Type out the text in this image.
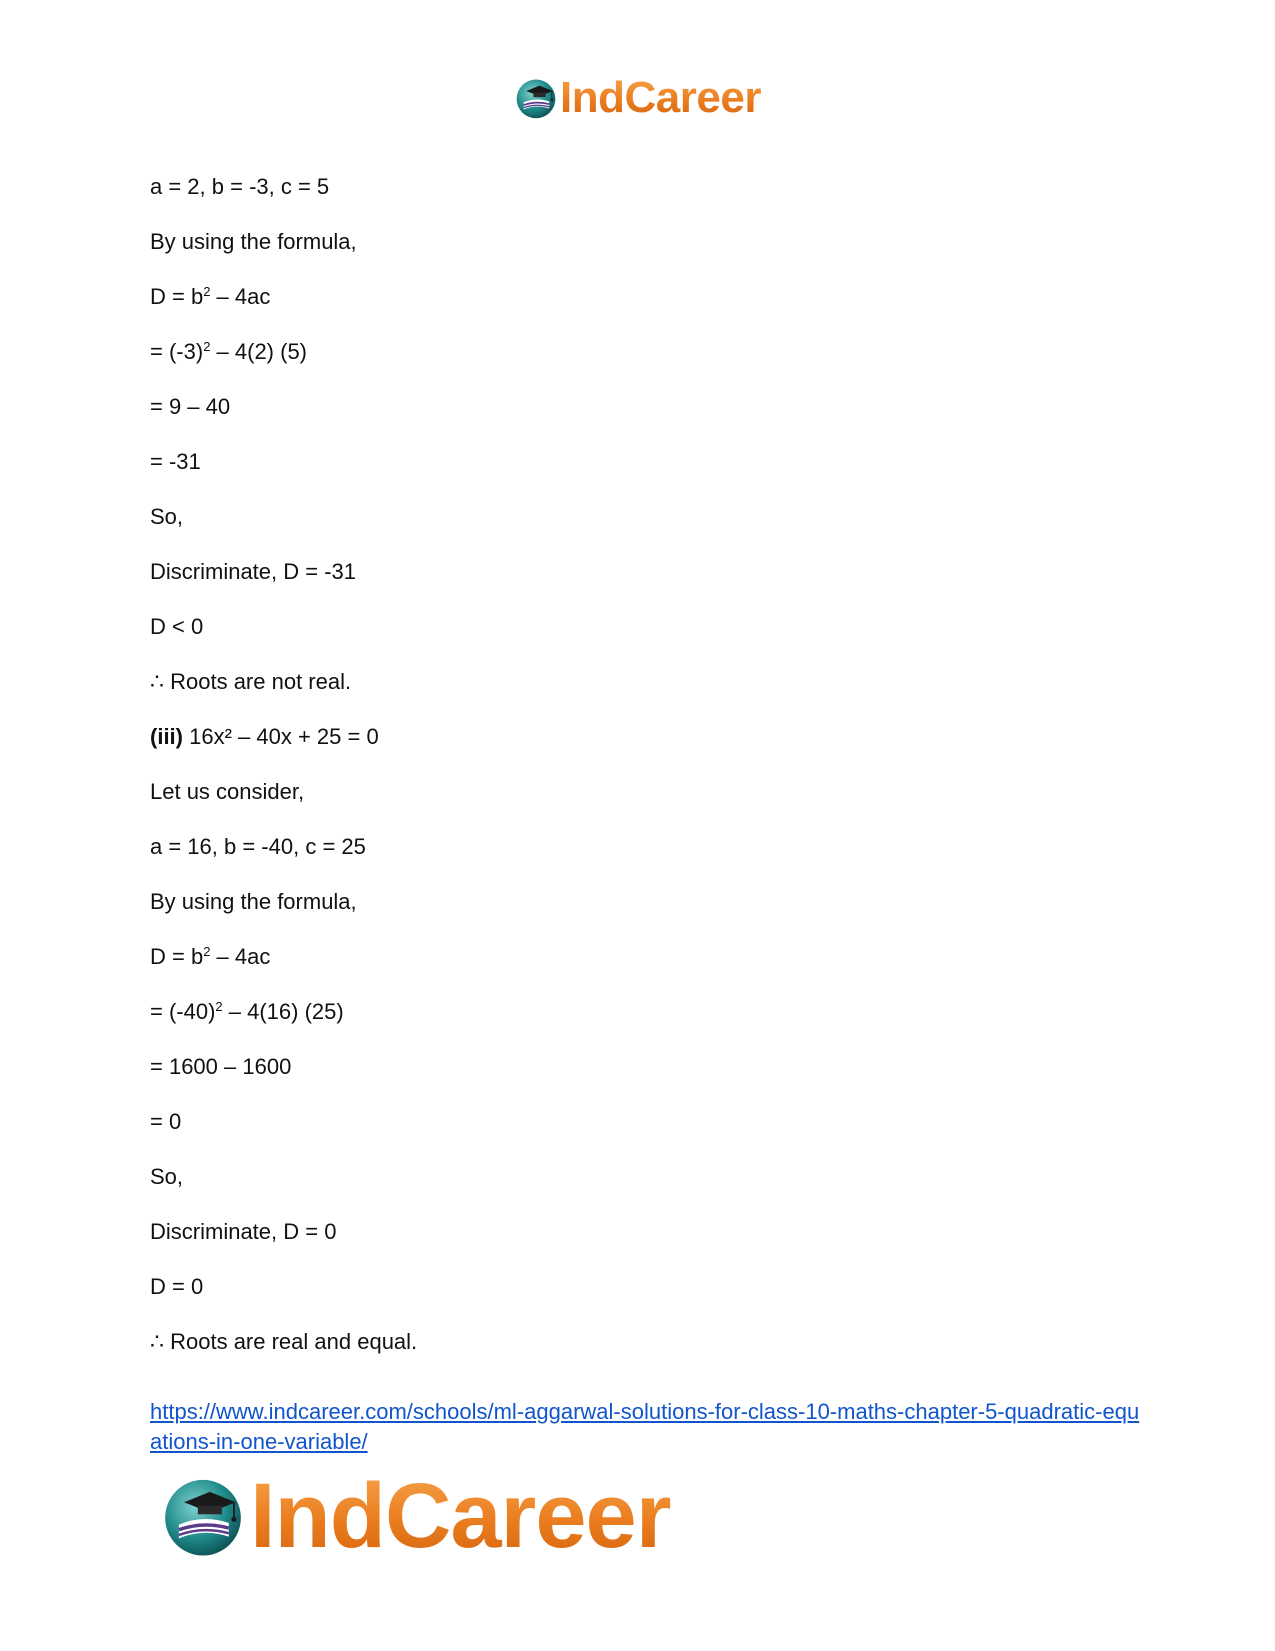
IndCareer
a = 2, b = -3, c = 5
By using the formula,
$D = b^2 - 4ac$
= $(-3)^2 - 4(2)$ (5)
= 9 – 40
= -31
So,
Discriminate, D = -31
D < 0
∴ Roots are not real.
(iii) 16x² – 40x + 25 = 0
Let us consider,
a = 16, b = -40, c = 25
By using the formula,
$D = b^2 - 4ac$
= $(-40)^2 - 4(16)$ (25)
= 1600 – 1600
= 0
So,
Discriminate, D = 0
D = 0
∴ Roots are real and equal.
https://www.indcareer.com/schools/ml-aggarwal-solutions-for-class-10-maths-chapter-5-quadratic-equations-in-one-variable/
IndCareer
